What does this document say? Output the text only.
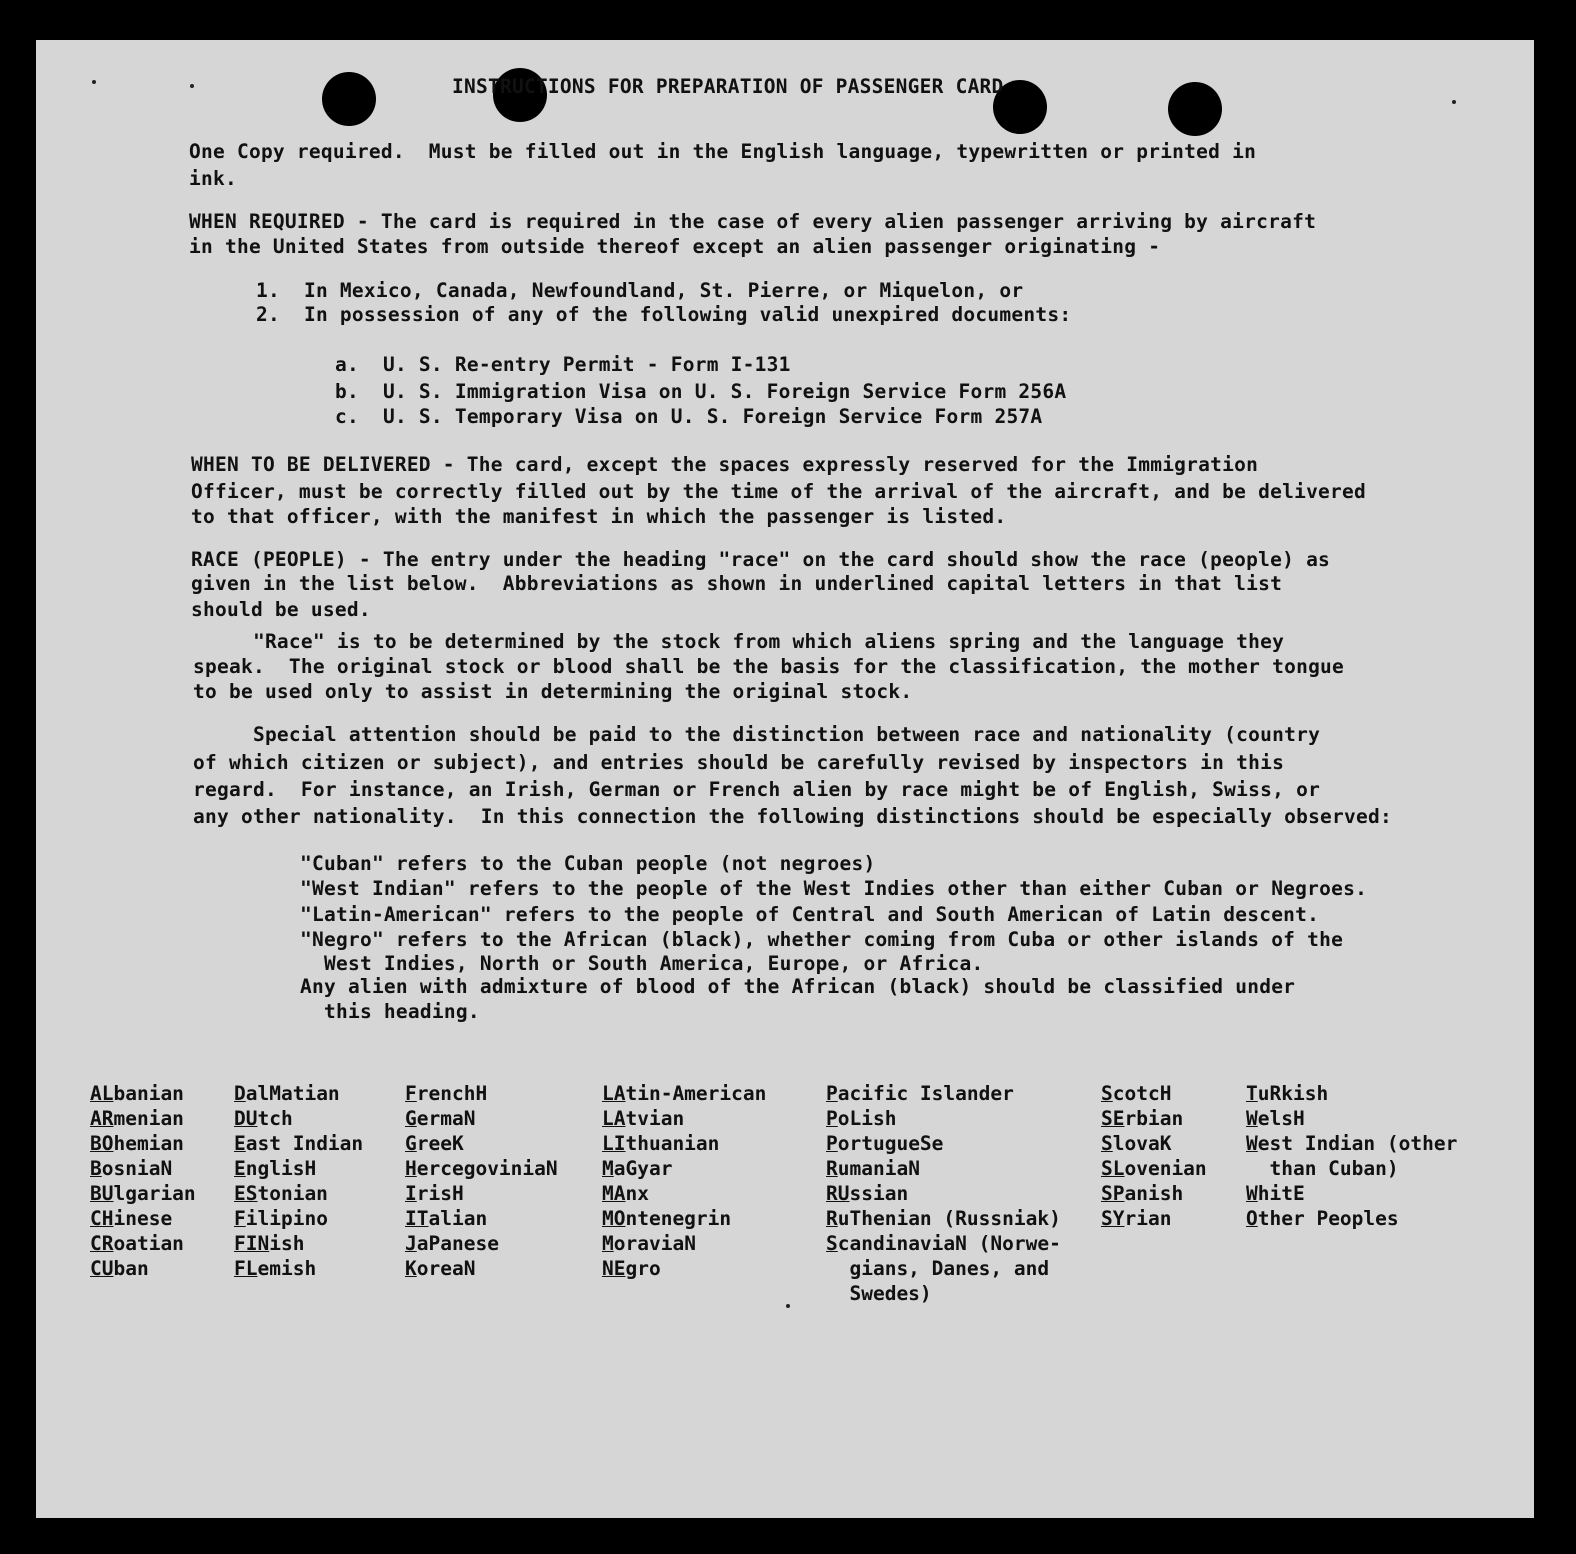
INSTRUCTIONS FOR PREPARATION OF PASSENGER CARD
One Copy required.  Must be filled out in the English language, typewritten or printed in
ink.
WHEN REQUIRED - The card is required in the case of every alien passenger arriving by aircraft
in the United States from outside thereof except an alien passenger originating -
1.  In Mexico, Canada, Newfoundland, St. Pierre, or Miquelon, or
2.  In possession of any of the following valid unexpired documents:
a.  U. S. Re-entry Permit - Form I-131
b.  U. S. Immigration Visa on U. S. Foreign Service Form 256A
c.  U. S. Temporary Visa on U. S. Foreign Service Form 257A
WHEN TO BE DELIVERED - The card, except the spaces expressly reserved for the Immigration
Officer, must be correctly filled out by the time of the arrival of the aircraft, and be delivered
to that officer, with the manifest in which the passenger is listed.
RACE (PEOPLE) - The entry under the heading "race" on the card should show the race (people) as
given in the list below.  Abbreviations as shown in underlined capital letters in that list
should be used.
"Race" is to be determined by the stock from which aliens spring and the language they
speak.  The original stock or blood shall be the basis for the classification, the mother tongue
to be used only to assist in determining the original stock.
Special attention should be paid to the distinction between race and nationality (country
of which citizen or subject), and entries should be carefully revised by inspectors in this
regard.  For instance, an Irish, German or French alien by race might be of English, Swiss, or
any other nationality.  In this connection the following distinctions should be especially observed:
"Cuban" refers to the Cuban people (not negroes)
"West Indian" refers to the people of the West Indies other than either Cuban or Negroes.
"Latin-American" refers to the people of Central and South American of Latin descent.
"Negro" refers to the African (black), whether coming from Cuba or other islands of the
West Indies, North or South America, Europe, or Africa.
Any alien with admixture of blood of the African (black) should be classified under
this heading.
ALbanian
ARmenian
BOhemian
BosniaN
BUlgarian
CHinese
CRoatian
CUban
DalMatian
DUtch
East Indian
EnglisH
EStonian
Filipino
FINish
FLemish
FrenchH
GermaN
GreeK
HercegoviniaN
IrisH
ITalian
JaPanese
KoreaN
LAtin-American
LAtvian
LIthuanian
MaGyar
MAnx
MOntenegrin
MoraviaN
NEgro
Pacific Islander
PoLish
PortugueSe
RumaniaN
RUssian
RuThenian (Russniak)
ScandinaviaN (Norwe-
gians, Danes, and
Swedes)
ScotcH
SErbian
SlovaK
SLovenian
SPanish
SYrian
TuRkish
WelsH
West Indian (other
than Cuban)
WhitE
Other Peoples
